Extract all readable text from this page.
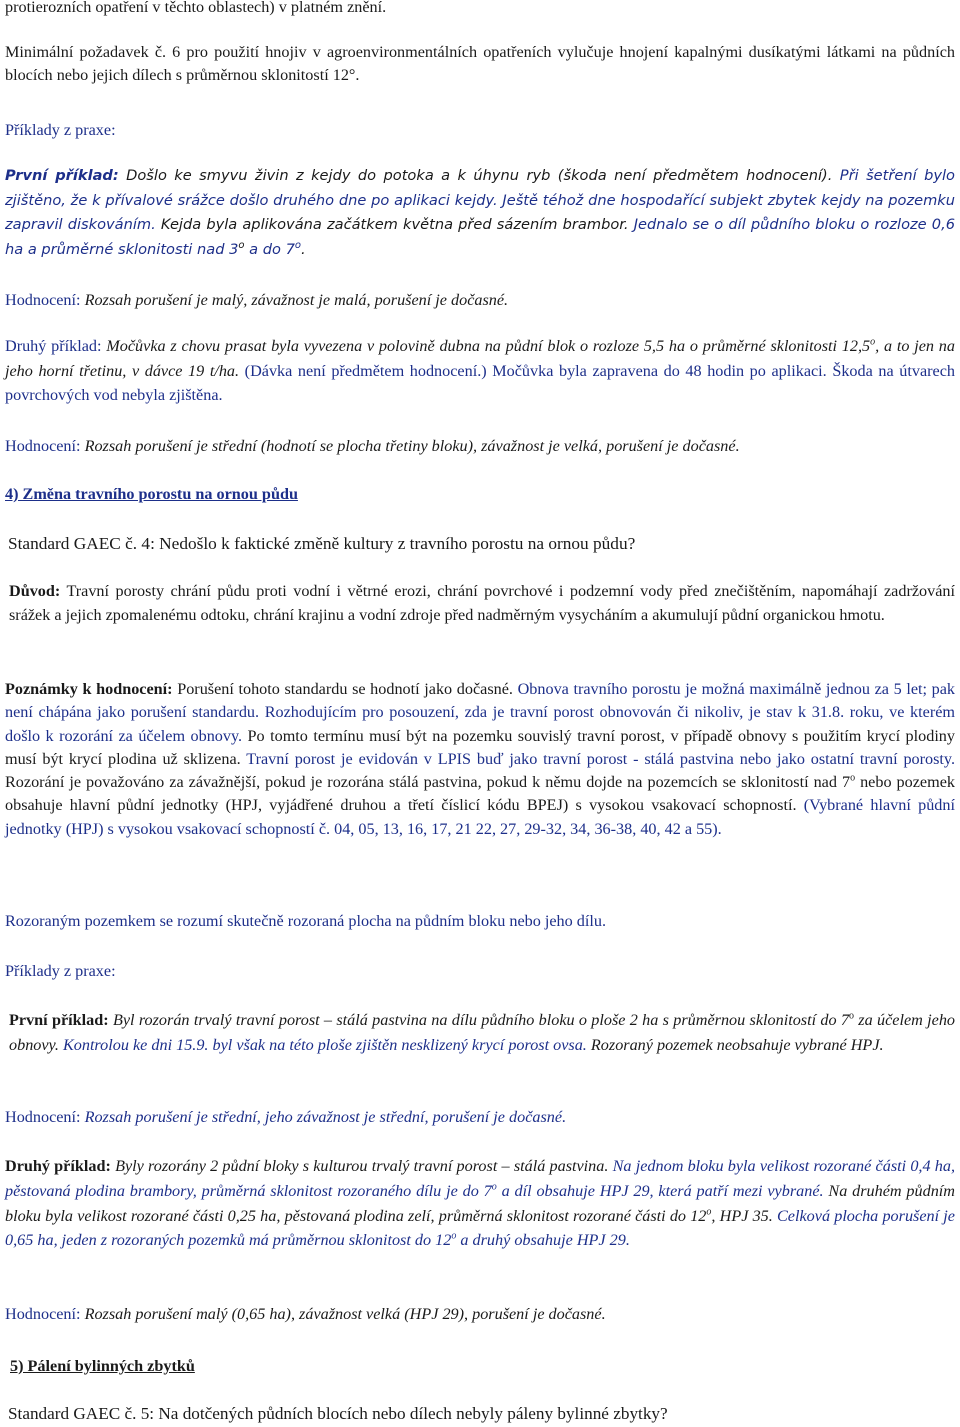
protierozních opatření v těchto oblastech) v platném znění.
Minimální požadavek č. 6 pro použití hnojiv v agroenvironmentálních opatřeních vylučuje hnojení kapalnými dusíkatými látkami na půdních blocích nebo jejich dílech s průměrnou sklonitostí 12°.
Příklady z praxe:
První příklad: Došlo ke smyvu živin z kejdy do potoka a k úhynu ryb (škoda není předmětem hodnocení). Při šetření bylo zjištěno, že k přívalové srážce došlo druhého dne po aplikaci kejdy. Ještě téhož dne hospodařící subjekt zbytek kejdy na pozemku zapravil diskováním. Kejda byla aplikována začátkem května před sázením brambor. Jednalo se o díl půdního bloku o rozloze 0,6 ha a průměrné sklonitosti nad 3$^o$ a do 7$^o$.
Hodnocení: Rozsah porušení je malý, závažnost je malá, porušení je dočasné.
Druhý příklad: Močůvka z chovu prasat byla vyvezena v polovině dubna na půdní blok o rozloze 5,5 ha o průměrné sklonitosti 12,5$^o$, a to jen na jeho horní třetinu, v dávce 19 t/ha. (Dávka není předmětem hodnocení.) Močůvka byla zapravena do 48 hodin po aplikaci. Škoda na útvarech povrchových vod nebyla zjištěna.
Hodnocení: Rozsah porušení je střední (hodnotí se plocha třetiny bloku), závažnost je velká, porušení je dočasné.
4) Změna travního porostu na ornou půdu
Standard GAEC č. 4: Nedošlo k faktické změně kultury z travního porostu na ornou půdu?
Důvod: Travní porosty chrání půdu proti vodní i větrné erozi, chrání povrchové i podzemní vody před znečištěním, napomáhají zadržování srážek a jejich zpomalenému odtoku, chrání krajinu a vodní zdroje před nadměrným vysycháním a akumulují půdní organickou hmotu.
Poznámky k hodnocení: Porušení tohoto standardu se hodnotí jako dočasné. Obnova travního porostu je možná maximálně jednou za 5 let; pak není chápána jako porušení standardu. Rozhodujícím pro posouzení, zda je travní porost obnovován či nikoliv, je stav k 31.8. roku, ve kterém došlo k rozorání za účelem obnovy. Po tomto termínu musí být na pozemku souvislý travní porost, v případě obnovy s použitím krycí plodiny musí být krycí plodina už sklizena. Travní porost je evidován v LPIS buď jako travní porost - stálá pastvina nebo jako ostatní travní porosty. Rozorání je považováno za závažnější, pokud je rozorána stálá pastvina, pokud k němu dojde na pozemcích se sklonitostí nad 7$^o$ nebo pozemek obsahuje hlavní půdní jednotky (HPJ, vyjádřené druhou a třetí číslicí kódu BPEJ) s vysokou vsakovací schopností. (Vybrané hlavní půdní jednotky (HPJ) s vysokou vsakovací schopností č. 04, 05, 13, 16, 17, 21 22, 27, 29-32, 34, 36-38, 40, 42 a 55).
Rozoraným pozemkem se rozumí skutečně rozoraná plocha na půdním bloku nebo jeho dílu.
Příklady z praxe:
První příklad: Byl rozorán trvalý travní porost – stálá pastvina na dílu půdního bloku o ploše 2 ha s průměrnou sklonitostí do 7$^o$ za účelem jeho obnovy. Kontrolou ke dni 15.9. byl však na této ploše zjištěn nesklizený krycí porost ovsa. Rozoraný pozemek neobsahuje vybrané HPJ.
Hodnocení: Rozsah porušení je střední, jeho závažnost je střední, porušení je dočasné.
Druhý příklad: Byly rozorány 2 půdní bloky s kulturou trvalý travní porost – stálá pastvina. Na jednom bloku byla velikost rozorané části 0,4 ha, pěstovaná plodina brambory, průměrná sklonitost rozoraného dílu je do 7$^o$ a díl obsahuje HPJ 29, která patří mezi vybrané. Na druhém půdním bloku byla velikost rozorané části 0,25 ha, pěstovaná plodina zelí, průměrná sklonitost rozorané části do 12$^o$, HPJ 35. Celková plocha porušení je 0,65 ha, jeden z rozoraných pozemků má průměrnou sklonitost do 12$^o$ a druhý obsahuje HPJ 29.
Hodnocení: Rozsah porušení malý (0,65 ha), závažnost velká (HPJ 29), porušení je dočasné.
5) Pálení bylinných zbytků
Standard GAEC č. 5: Na dotčených půdních blocích nebo dílech nebyly páleny bylinné zbytky?
